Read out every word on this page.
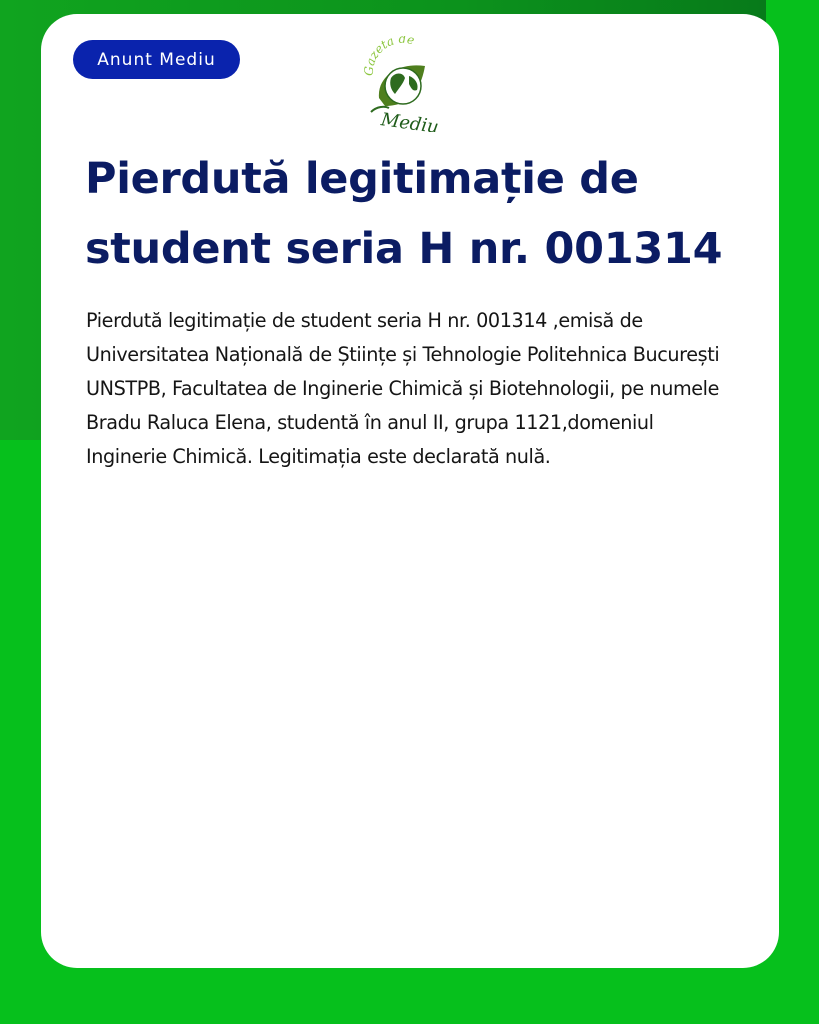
Anunt Mediu
Gazeta de
Mediu
Pierdută legitimație de
student seria H nr. 001314

Pierdută legitimație de student seria H nr. 001314 ,emisă de Universitatea Națională de Științe și Tehnologie Politehnica București UNSTPB, Facultatea de Inginerie Chimică și Biotehnologii, pe numele Bradu Raluca Elena, studentă în anul II, grupa 1121,domeniul Inginerie Chimică. Legitimația este declarată nulă.
